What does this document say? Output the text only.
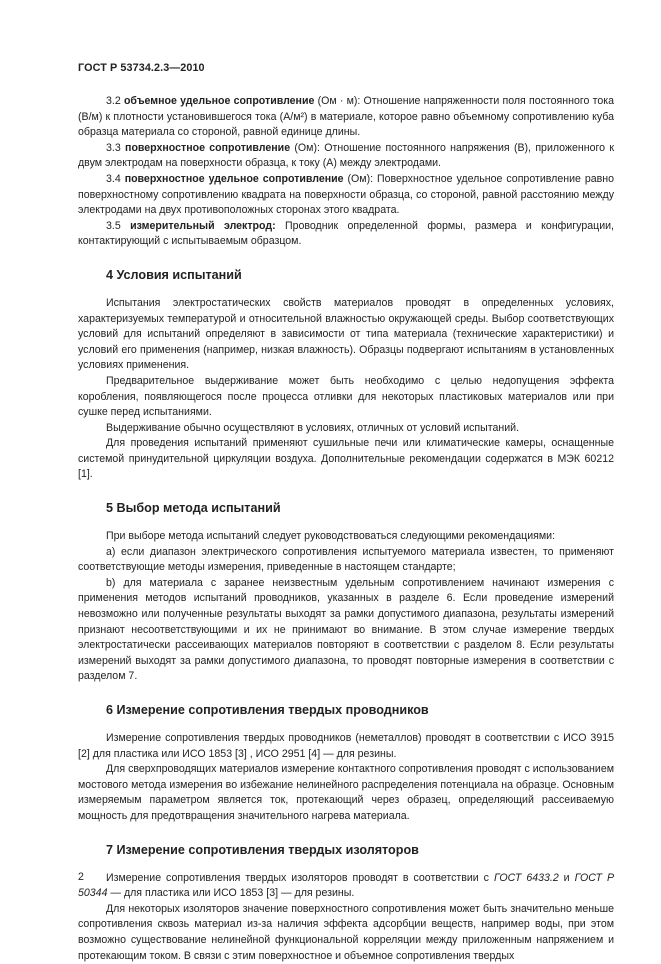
ГОСТ Р 53734.2.3—2010

3.2 объемное удельное сопротивление (Ом · м): Отношение напряженности поля постоянного тока (В/м) к плотности установившегося тока (А/м²) в материале, которое равно объемному сопротивлению куба образца материала со стороной, равной единице длины.

3.3 поверхностное сопротивление (Ом): Отношение постоянного напряжения (В), приложенного к двум электродам на поверхности образца, к току (А) между электродами.

3.4 поверхностное удельное сопротивление (Ом): Поверхностное удельное сопротивление равно поверхностному сопротивлению квадрата на поверхности образца, со стороной, равной расстоянию между электродами на двух противоположных сторонах этого квадрата.

3.5 измерительный электрод: Проводник определенной формы, размера и конфигурации, контактирующий с испытываемым образцом.

4 Условия испытаний

Испытания электростатических свойств материалов проводят в определенных условиях, характеризуемых температурой и относительной влажностью окружающей среды. Выбор соответствующих условий для испытаний определяют в зависимости от типа материала (технические характеристики) и условий его применения (например, низкая влажность). Образцы подвергают испытаниям в установленных условиях применения.

Предварительное выдерживание может быть необходимо с целью недопущения эффекта коробления, появляющегося после процесса отливки для некоторых пластиковых материалов или при сушке перед испытаниями.

Выдерживание обычно осуществляют в условиях, отличных от условий испытаний.

Для проведения испытаний применяют сушильные печи или климатические камеры, оснащенные системой принудительной циркуляции воздуха. Дополнительные рекомендации содержатся в МЭК 60212 [1].

5 Выбор метода испытаний

При выборе метода испытаний следует руководствоваться следующими рекомендациями:

а) если диапазон электрического сопротивления испытуемого материала известен, то применяют соответствующие методы измерения, приведенные в настоящем стандарте;

b) для материала с заранее неизвестным удельным сопротивлением начинают измерения с применения методов испытаний проводников, указанных в разделе 6. Если проведение измерений невозможно или полученные результаты выходят за рамки допустимого диапазона, результаты измерений признают несоответствующими и их не принимают во внимание. В этом случае измерение твердых электростатически рассеивающих материалов повторяют в соответствии с разделом 8. Если результаты измерений выходят за рамки допустимого диапазона, то проводят повторные измерения в соответствии с разделом 7.

6 Измерение сопротивления твердых проводников

Измерение сопротивления твердых проводников (неметаллов) проводят в соответствии с ИСО 3915 [2] для пластика или ИСО 1853 [3] , ИСО 2951 [4] — для резины.

Для сверхпроводящих материалов измерение контактного сопротивления проводят с использованием мостового метода измерения во избежание нелинейного распределения потенциала на образце. Основным измеряемым параметром является ток, протекающий через образец, определяющий рассеиваемую мощность для предотвращения значительного нагрева материала.

7 Измерение сопротивления твердых изоляторов

Измерение сопротивления твердых изоляторов проводят в соответствии с ГОСТ 6433.2 и ГОСТ Р 50344 — для пластика или ИСО 1853 [3] — для резины.

Для некоторых изоляторов значение поверхностного сопротивления может быть значительно меньше сопротивления сквозь материал из-за наличия эффекта адсорбции веществ, например воды, при этом возможно существование нелинейной функциональной корреляции между приложенным напряжением и протекающим током. В связи с этим поверхностное и объемное сопротивления твердых

2
